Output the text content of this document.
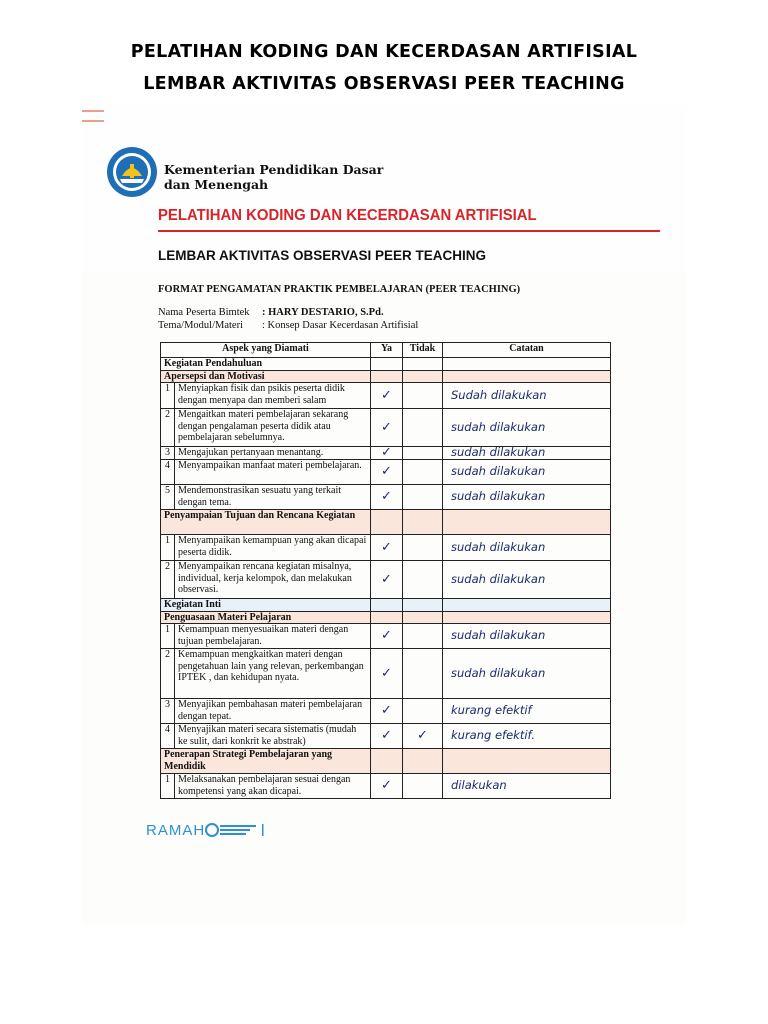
PELATIHAN KODING DAN KECERDASAN ARTIFISIAL
LEMBAR AKTIVITAS OBSERVASI PEER TEACHING
Kementerian Pendidikan Dasar
dan Menengah
PELATIHAN KODING DAN KECERDASAN ARTIFISIAL
LEMBAR AKTIVITAS OBSERVASI PEER TEACHING
FORMAT PENGAMATAN PRAKTIK PEMBELAJARAN (PEER TEACHING)
Nama Peserta Bimtek : HARY DESTARIO, S.Pd.
Tema/Modul/Materi : Konsep Dasar Kecerdasan Artifisial
Aspek yang Diamati		Ya	Tidak	Catatan
Kegiatan Pendahuluan				
Apersepsi dan Motivasi				
1	Menyiapkan fisik dan psikis peserta didik dengan menyapa dan memberi salam	✓		Sudah dilakukan
2	Mengaitkan materi pembelajaran sekarang dengan pengalaman peserta didik atau pembelajaran sebelumnya.	✓		sudah dilakukan
3	Mengajukan pertanyaan menantang.	✓		sudah dilakukan
4	Menyampaikan manfaat materi pembelajaran.	✓		sudah dilakukan
5	Mendemonstrasikan sesuatu yang terkait dengan tema.	✓		sudah dilakukan
Penyampaian Tujuan dan Rencana Kegiatan				
1	Menyampaikan kemampuan yang akan dicapai peserta didik.	✓		sudah dilakukan
2	Menyampaikan rencana kegiatan misalnya, individual, kerja kelompok, dan melakukan observasi.	✓		sudah dilakukan
Kegiatan Inti				
Penguasaan Materi Pelajaran				
1	Kemampuan menyesuaikan materi dengan tujuan pembelajaran.	✓		sudah dilakukan
2	Kemampuan mengkaitkan materi dengan pengetahuan lain yang relevan, perkembangan IPTEK , dan kehidupan nyata.	✓		sudah dilakukan
3	Menyajikan pembahasan materi pembelajaran dengan tepat.	✓		kurang efektif
4	Menyajikan materi secara sistematis (mudah ke sulit, dari konkrit ke abstrak)	✓	✓	kurang efektif.
Penerapan Strategi Pembelajaran yang Mendidik				
1	Melaksanakan pembelajaran sesuai dengan kompetensi yang akan dicapai.	✓		dilakukan
RAMAH
